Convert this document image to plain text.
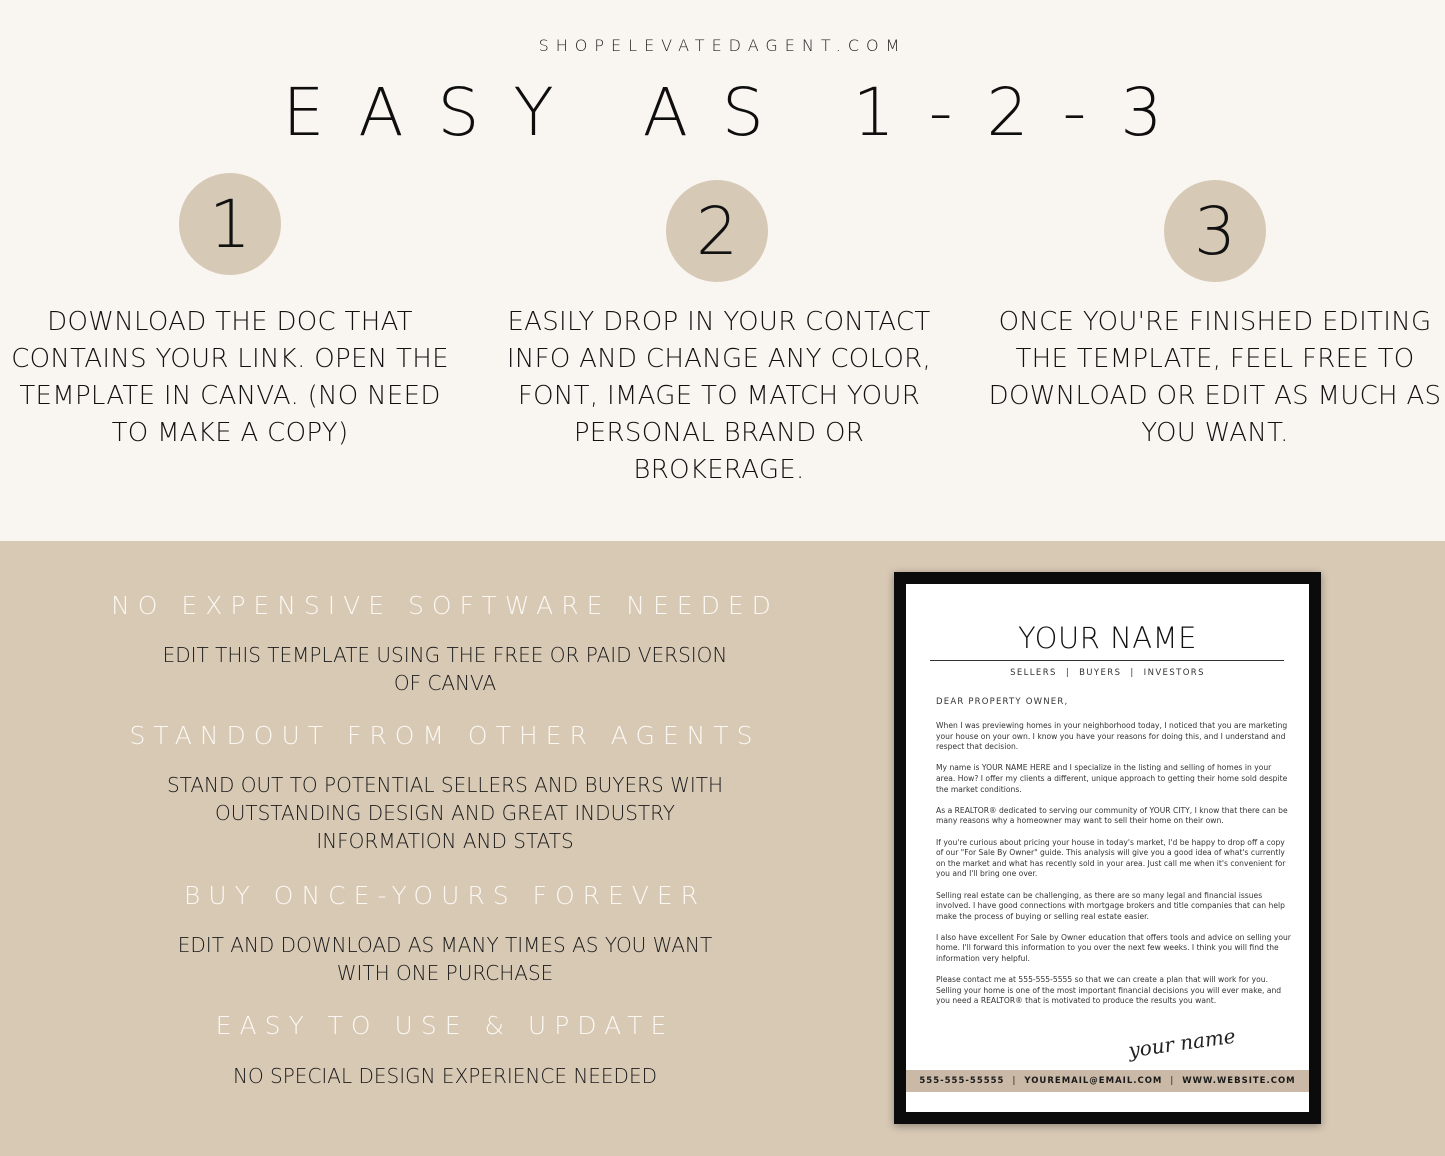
SHOPELEVATEDAGENT.COM
EASY AS 1-2-3
1
DOWNLOAD THE DOC THAT CONTAINS YOUR LINK. OPEN THE TEMPLATE IN CANVA. (NO NEED TO MAKE A COPY)
2
EASILY DROP IN YOUR CONTACT INFO AND CHANGE ANY COLOR, FONT, IMAGE TO MATCH YOUR PERSONAL BRAND OR BROKERAGE.
3
ONCE YOU'RE FINISHED EDITING THE TEMPLATE, FEEL FREE TO DOWNLOAD OR EDIT AS MUCH AS YOU WANT.
NO EXPENSIVE SOFTWARE NEEDED
EDIT THIS TEMPLATE USING THE FREE OR PAID VERSION OF CANVA
STANDOUT FROM OTHER AGENTS
STAND OUT TO POTENTIAL SELLERS AND BUYERS WITH OUTSTANDING DESIGN AND GREAT INDUSTRY INFORMATION AND STATS
BUY ONCE-YOURS FOREVER
EDIT AND DOWNLOAD AS MANY TIMES AS YOU WANT WITH ONE PURCHASE
EASY TO USE & UPDATE
NO SPECIAL DESIGN EXPERIENCE NEEDED
YOUR NAME
SELLERS | BUYERS | INVESTORS
DEAR PROPERTY OWNER,

When I was previewing homes in your neighborhood today, I noticed that you are marketing your house on your own. I know you have your reasons for doing this, and I understand and respect that decision.

My name is YOUR NAME HERE and I specialize in the listing and selling of homes in your area. How? I offer my clients a different, unique approach to getting their home sold despite the market conditions.

As a REALTOR® dedicated to serving our community of YOUR CITY, I know that there can be many reasons why a homeowner may want to sell their home on their own.

If you're curious about pricing your house in today's market, I'd be happy to drop off a copy of our "For Sale By Owner" guide. This analysis will give you a good idea of what's currently on the market and what has recently sold in your area. Just call me when it's convenient for you and I'll bring one over.

Selling real estate can be challenging, as there are so many legal and financial issues involved. I have good connections with mortgage brokers and title companies that can help make the process of buying or selling real estate easier.

I also have excellent For Sale by Owner education that offers tools and advice on selling your home. I'll forward this information to you over the next few weeks. I think you will find the information very helpful.

Please contact me at 555-555-5555 so that we can create a plan that will work for you. Selling your home is one of the most important financial decisions you will ever make, and you need a REALTOR® that is motivated to produce the results you want.

your name
555-555-55555 | YOUREMAIL@EMAIL.COM | WWW.WEBSITE.COM
